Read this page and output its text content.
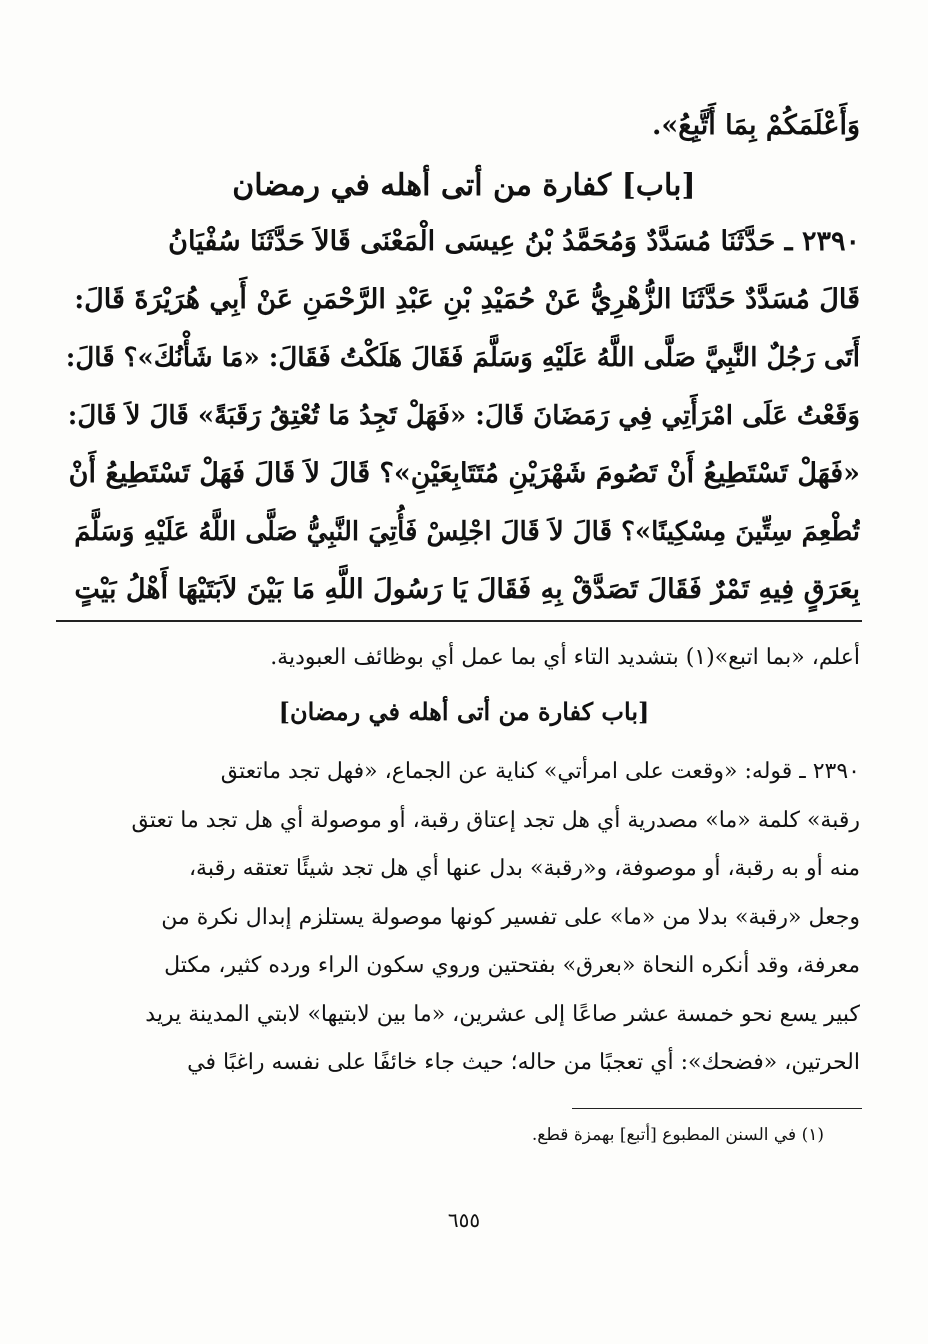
وَأَعْلَمَكُمْ بِمَا أَتَّبِعُ».
[باب] كفارة من أتى أهله في رمضان
٢٣٩٠ ـ حَدَّثَنَا مُسَدَّدٌ وَمُحَمَّدُ بْنُ عِيسَى الْمَعْنَى قَالاَ حَدَّثَنَا سُفْيَانُ
قَالَ مُسَدَّدٌ حَدَّثَنَا الزُّهْرِيُّ عَنْ حُمَيْدِ بْنِ عَبْدِ الرَّحْمَنِ عَنْ أَبِي هُرَيْرَةَ قَالَ:
أَتَى رَجُلٌ النَّبِيَّ صَلَّى اللَّهُ عَلَيْهِ وَسَلَّمَ فَقَالَ هَلَكْتُ فَقَالَ: «مَا شَأْنُكَ»؟ قَالَ:
وَقَعْتُ عَلَى امْرَأَتِي فِي رَمَضَانَ قَالَ: «فَهَلْ تَجِدُ مَا تُعْتِقُ رَقَبَةً» قَالَ لاَ قَالَ:
«فَهَلْ تَسْتَطِيعُ أَنْ تَصُومَ شَهْرَيْنِ مُتَتَابِعَيْنِ»؟ قَالَ لاَ قَالَ فَهَلْ تَسْتَطِيعُ أَنْ
تُطْعِمَ سِتِّينَ مِسْكِينًا»؟ قَالَ لاَ قَالَ اجْلِسْ فَأُتِيَ النَّبِيُّ صَلَّى اللَّهُ عَلَيْهِ وَسَلَّمَ
بِعَرَقٍ فِيهِ تَمْرٌ فَقَالَ تَصَدَّقْ بِهِ فَقَالَ يَا رَسُولَ اللَّهِ مَا بَيْنَ لاَبَتَيْهَا أَهْلُ بَيْتٍ
أعلم، «بما اتبع»(١) بتشديد التاء أي بما عمل أي بوظائف العبودية.
[باب كفارة من أتى أهله في رمضان]
٢٣٩٠ ـ قوله: «وقعت على امرأتي» كناية عن الجماع، «فهل تجد ماتعتق
رقبة» كلمة «ما» مصدرية أي هل تجد إعتاق رقبة، أو موصولة أي هل تجد ما تعتق
منه أو به رقبة، أو موصوفة، و«رقبة» بدل عنها أي هل تجد شيئًا تعتقه رقبة،
وجعل «رقبة» بدلا من «ما» على تفسير كونها موصولة يستلزم إبدال نكرة من
معرفة، وقد أنكره النحاة «بعرق» بفتحتين وروي سكون الراء ورده كثير، مكتل
كبير يسع نحو خمسة عشر صاعًا إلى عشرين، «ما بين لابتيها» لابتي المدينة يريد
الحرتين، «فضحك»: أي تعجبًا من حاله؛ حيث جاء خائفًا على نفسه راغبًا في
(١) في السنن المطبوع [أتبع] بهمزة قطع.
٦٥٥
